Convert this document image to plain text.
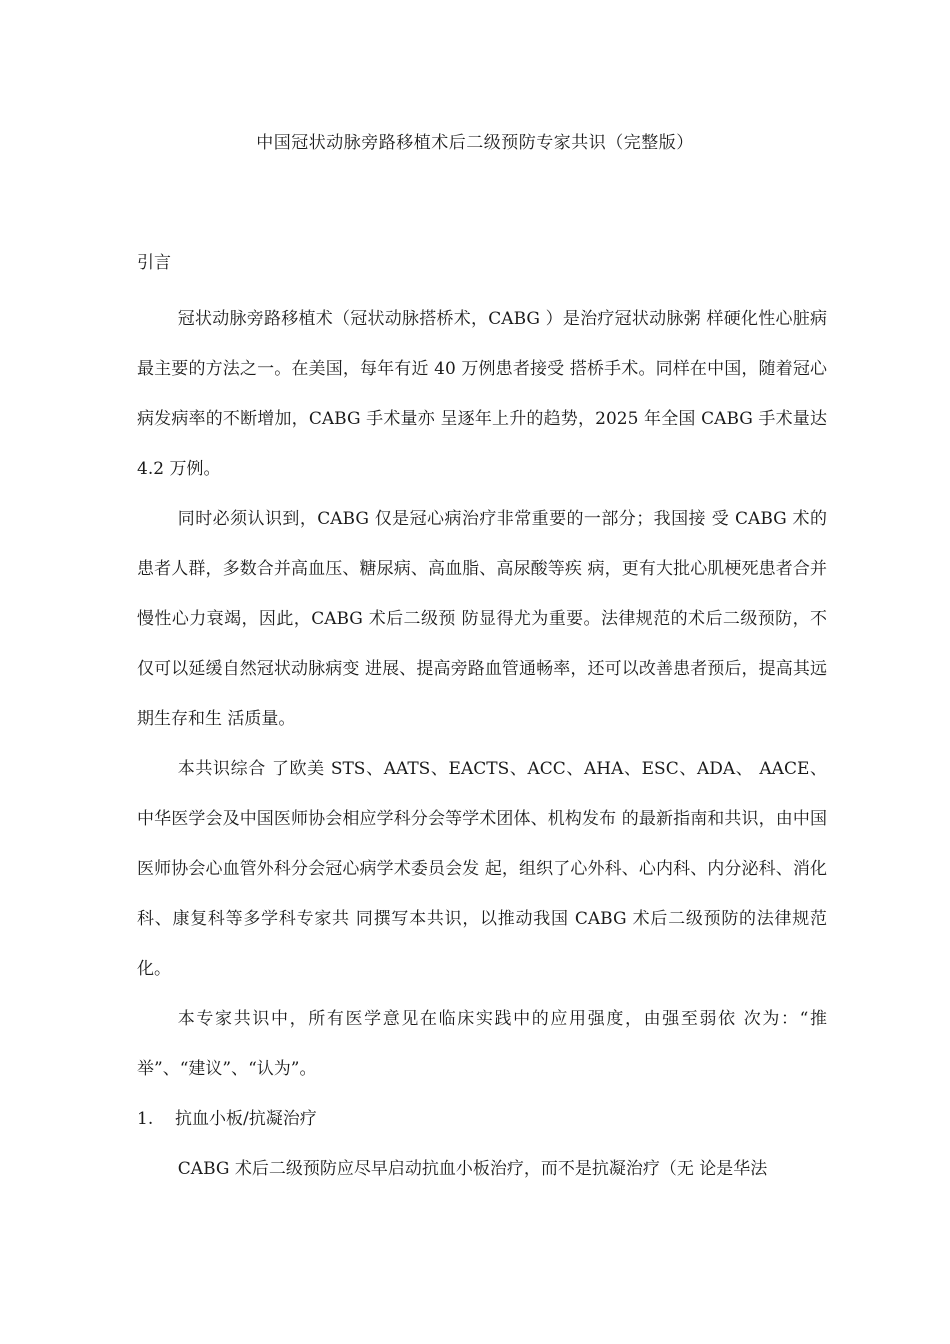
中国冠状动脉旁路移植术后二级预防专家共识（完整版）
引言

冠状动脉旁路移植术（冠状动脉搭桥术，CABG ）是治疗冠状动脉粥 样硬化性心脏病最主要的方法之一。在美国，每年有近 40 万例患者接受 搭桥手术。同样在中国，随着冠心病发病率的不断增加，CABG 手术量亦 呈逐年上升的趋势，2025 年全国 CABG 手术量达 4.2 万例。

同时必须认识到，CABG 仅是冠心病治疗非常重要的一部分；我国接 受 CABG 术的患者人群，多数合并高血压、糖尿病、高血脂、高尿酸等疾 病，更有大批心肌梗死患者合并慢性心力衰竭，因此，CABG 术后二级预 防显得尤为重要。法律规范的术后二级预防，不仅可以延缓自然冠状动脉病变 进展、提高旁路血管通畅率，还可以改善患者预后，提高其远期生存和生 活质量。

本共识综合 了欧美 STS、AATS、EACTS、ACC、AHA、ESC、ADA、 AACE、中华医学会及中国医师协会相应学科分会等学术团体、机构发布 的最新指南和共识，由中国医师协会心血管外科分会冠心病学术委员会发 起，组织了心外科、心内科、内分泌科、消化科、康复科等多学科专家共 同撰写本共识，以推动我国 CABG 术后二级预防的法律规范化。

本专家共识中，所有医学意见在临床实践中的应用强度，由强至弱依 次为：“推举”、“建议”、“认为”。

1. 抗血小板/抗凝治疗

CABG 术后二级预防应尽早启动抗血小板治疗，而不是抗凝治疗（无 论是华法
